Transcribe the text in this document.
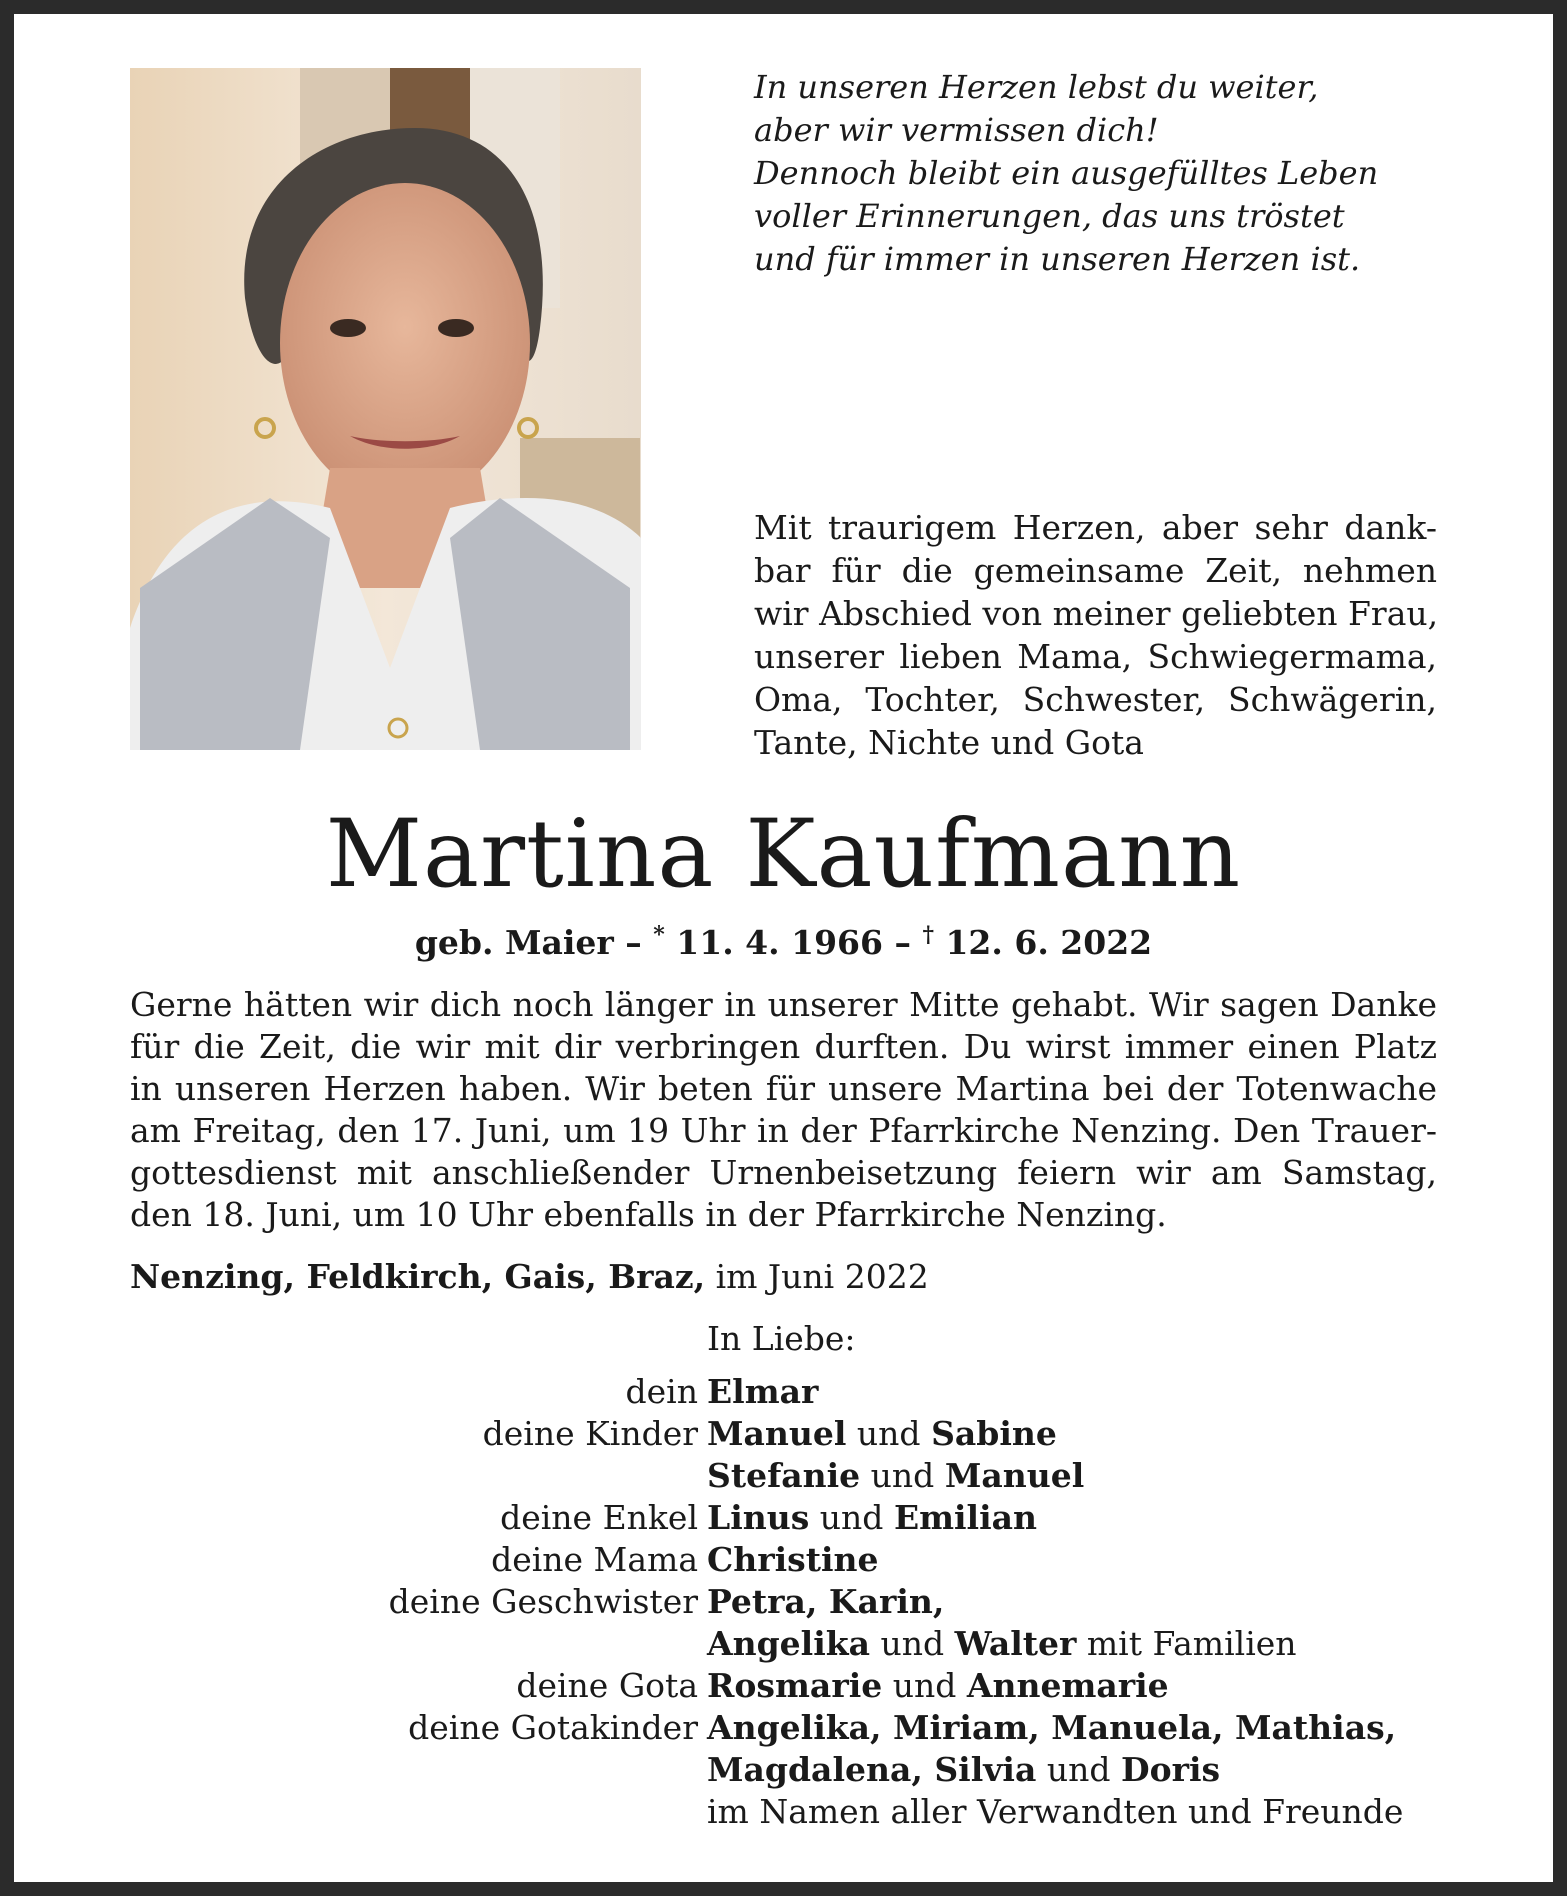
In unseren Herzen lebst du weiter,
aber wir vermissen dich!
Dennoch bleibt ein ausgefülltes Leben
voller Erinnerungen, das uns tröstet
und für immer in unseren Herzen ist.
Mit traurigem Herzen, aber sehr dank-
bar für die gemeinsame Zeit, nehmen
wir Abschied von meiner geliebten Frau,
unserer lieben Mama, Schwiegermama,
Oma, Tochter, Schwester, Schwägerin,
Tante, Nichte und Gota
Martina Kaufmann
geb. Maier – * 11. 4. 1966 – † 12. 6. 2022
Gerne hätten wir dich noch länger in unserer Mitte gehabt. Wir sagen Danke
für die Zeit, die wir mit dir verbringen durften. Du wirst immer einen Platz
in unseren Herzen haben. Wir beten für unsere Martina bei der Totenwache
am Freitag, den 17. Juni, um 19 Uhr in der Pfarrkirche Nenzing. Den Trauer-
gottesdienst mit anschließender Urnenbeisetzung feiern wir am Samstag,
den 18. Juni, um 10 Uhr ebenfalls in der Pfarrkirche Nenzing.
Nenzing, Feldkirch, Gais, Braz, im Juni 2022
In Liebe:
dein Elmar
deine Kinder Manuel und Sabine
Stefanie und Manuel
deine Enkel Linus und Emilian
deine Mama Christine
deine Geschwister Petra, Karin,
Angelika und Walter mit Familien
deine Gota Rosmarie und Annemarie
deine Gotakinder Angelika, Miriam, Manuela, Mathias,
Magdalena, Silvia und Doris
im Namen aller Verwandten und Freunde
